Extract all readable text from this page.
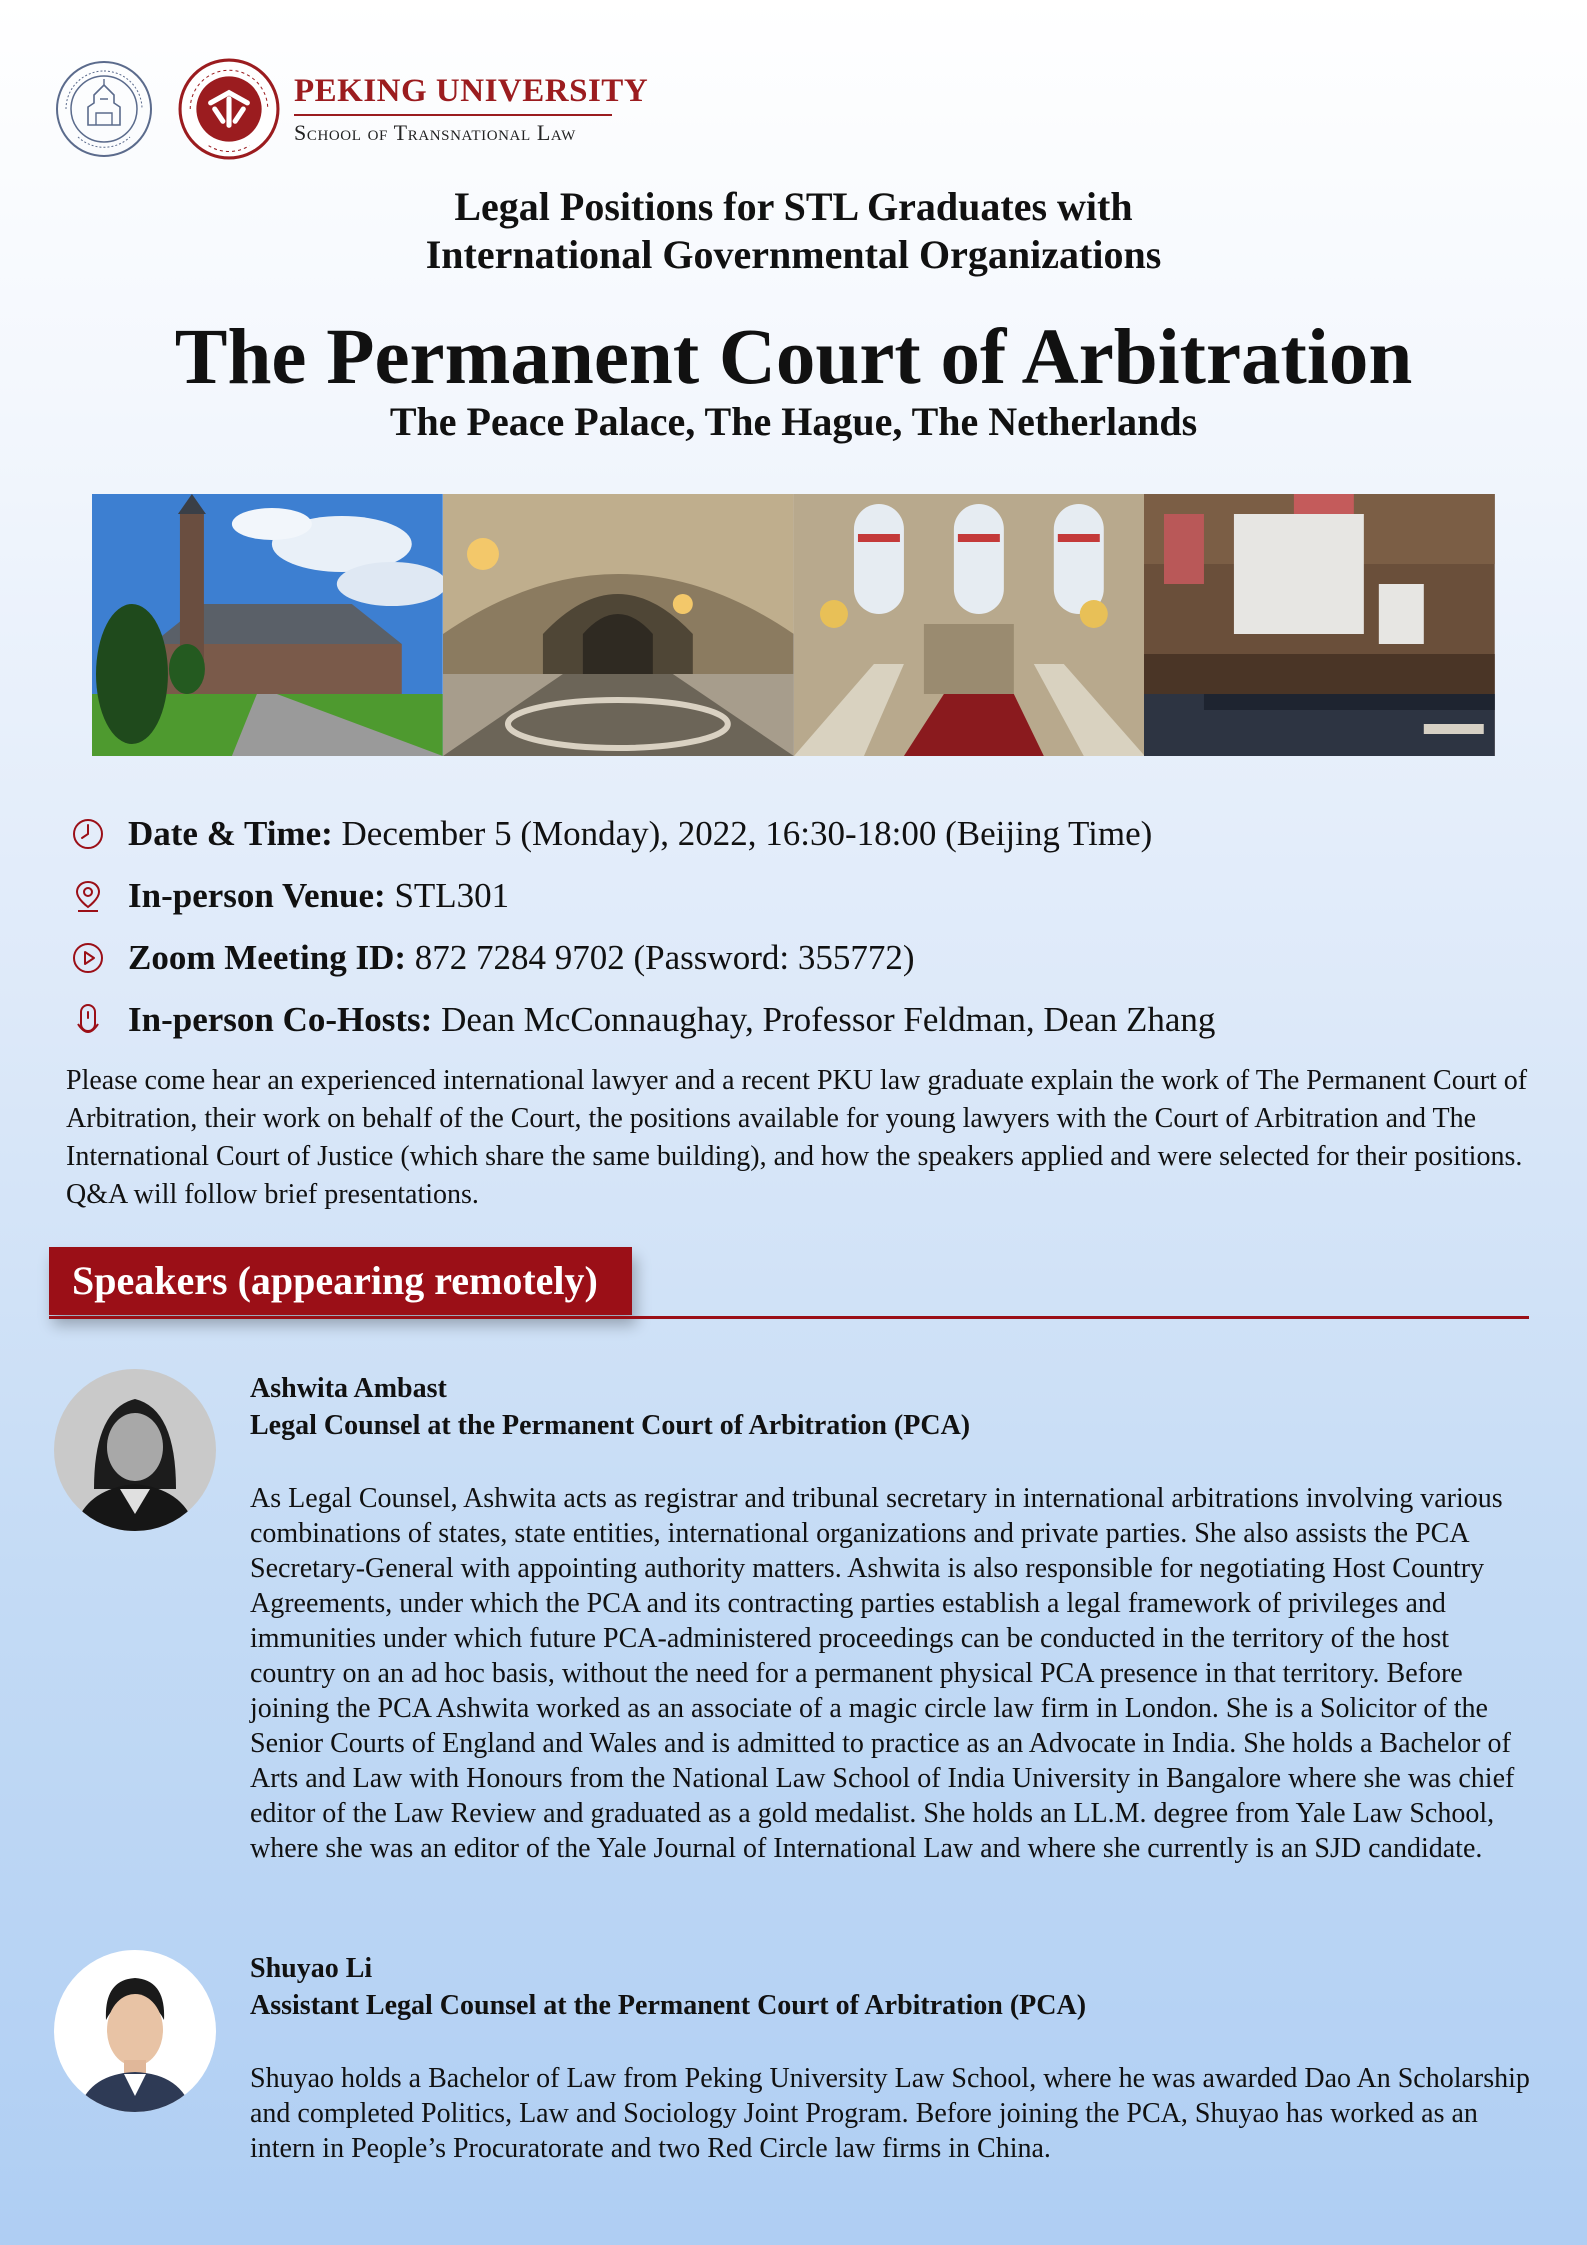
PEKING UNIVERSITY
School of Transnational Law
Legal Positions for STL Graduates with
International Governmental Organizations
The Permanent Court of Arbitration
The Peace Palace, The Hague, The Netherlands
Date & Time: December 5 (Monday), 2022, 16:30-18:00 (Beijing Time)
In-person Venue: STL301
Zoom Meeting ID: 872 7284 9702 (Password: 355772)
In-person Co-Hosts: Dean McConnaughay, Professor Feldman, Dean Zhang

Please come hear an experienced international lawyer and a recent PKU law graduate explain the work of The Permanent Court of Arbitration, their work on behalf of the Court, the positions available for young lawyers with the Court of Arbitration and The International Court of Justice (which share the same building), and how the speakers applied and were selected for their positions. Q&A will follow brief presentations.

Speakers (appearing remotely)
Ashwita Ambast
Legal Counsel at the Permanent Court of Arbitration (PCA)

As Legal Counsel, Ashwita acts as registrar and tribunal secretary in international arbitrations involving various combinations of states, state entities, international organizations and private parties. She also assists the PCA Secretary-General with appointing authority matters. Ashwita is also responsible for negotiating Host Country Agreements, under which the PCA and its contracting parties establish a legal framework of privileges and immunities under which future PCA-administered proceedings can be conducted in the territory of the host country on an ad hoc basis, without the need for a permanent physical PCA presence in that territory. Before joining the PCA Ashwita worked as an associate of a magic circle law firm in London. She is a Solicitor of the Senior Courts of England and Wales and is admitted to practice as an Advocate in India. She holds a Bachelor of Arts and Law with Honours from the National Law School of India University in Bangalore where she was chief editor of the Law Review and graduated as a gold medalist. She holds an LL.M. degree from Yale Law School, where she was an editor of the Yale Journal of International Law and where she currently is an SJD candidate.

Shuyao Li
Assistant Legal Counsel at the Permanent Court of Arbitration (PCA)

Shuyao holds a Bachelor of Law from Peking University Law School, where he was awarded Dao An Scholarship and completed Politics, Law and Sociology Joint Program. Before joining the PCA, Shuyao has worked as an intern in People’s Procuratorate and two Red Circle law firms in China.
